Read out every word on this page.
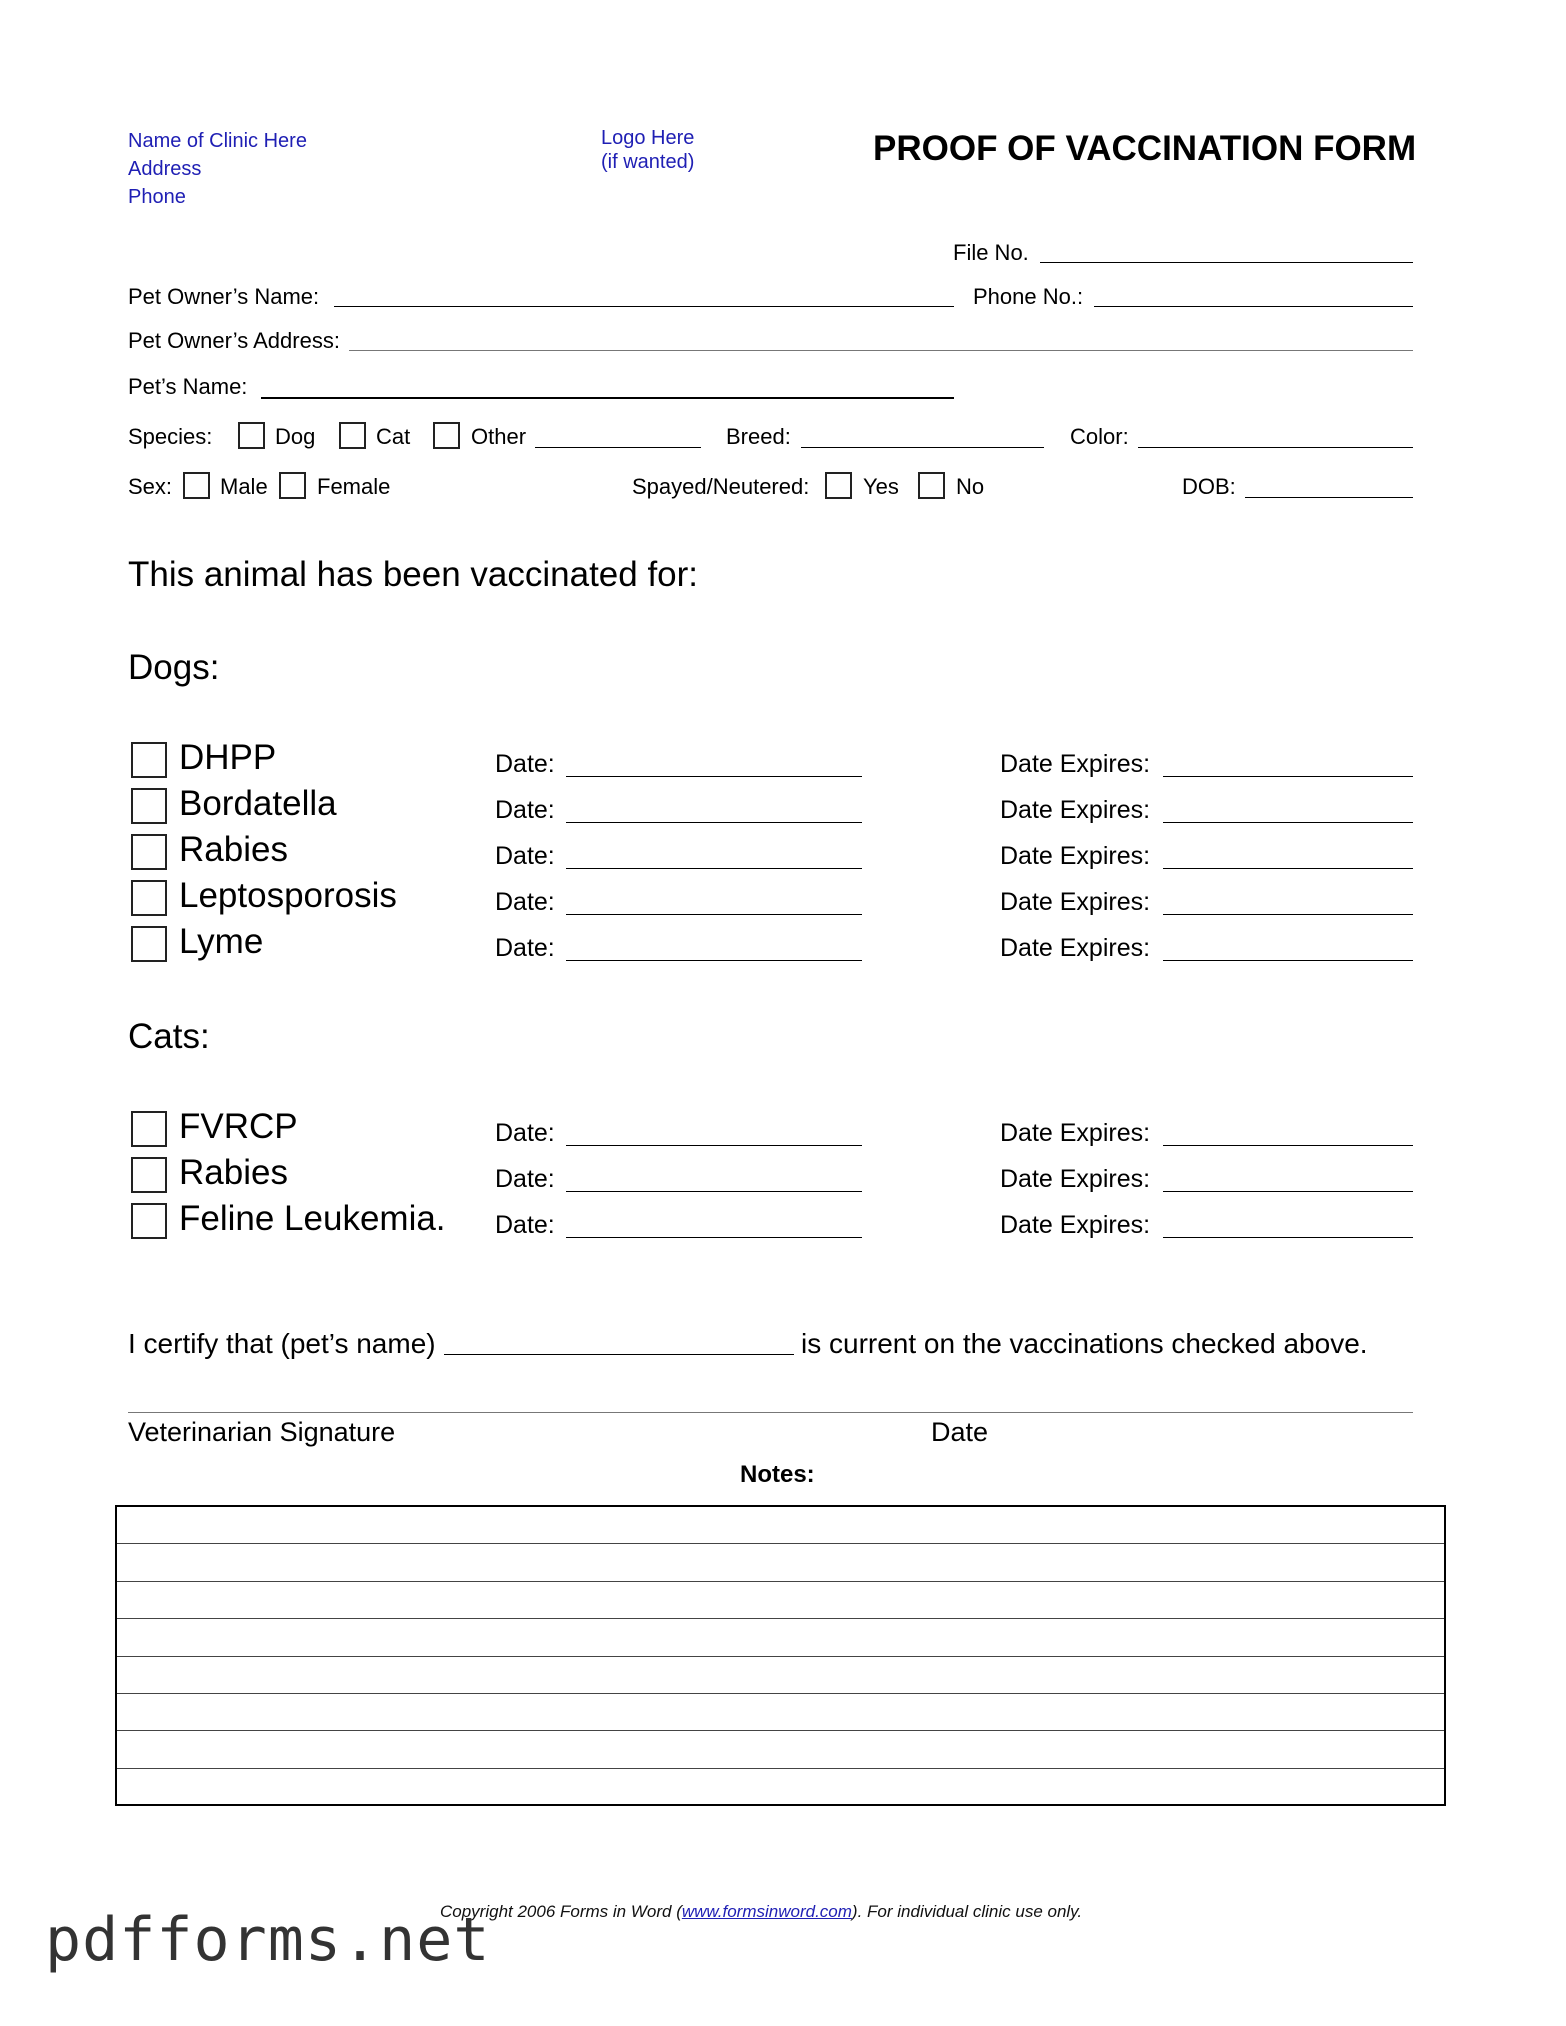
Name of Clinic Here
Address
Phone
Logo Here
(if wanted)	PROOF OF VACCINATION FORM
File No.
Pet Owner’s Name:	Phone No.:
Pet Owner’s Address:
Pet’s Name:
Species:	Dog	Cat	Other	Breed:	Color:
Sex: Male Female	Spayed/Neutered: Yes	No	DOB:
This animal has been vaccinated for:
Dogs:
DHPP	Date:	Date Expires:
Bordatella	Date:	Date Expires:
Rabies	Date:	Date Expires:
Leptosporosis	Date:	Date Expires:
Lyme	Date:	Date Expires:
Cats:
FVRCP	Date:	Date Expires:
Rabies	Date:	Date Expires:
Feline Leukemia. Date:	Date Expires:
I certify that (pet’s name)	is current on the vaccinations checked above.
Veterinarian Signature	Date
Notes:
Copyright 2006 Forms in Word (www.formsinword.com). For individual clinic use only.
pdfforms.net
